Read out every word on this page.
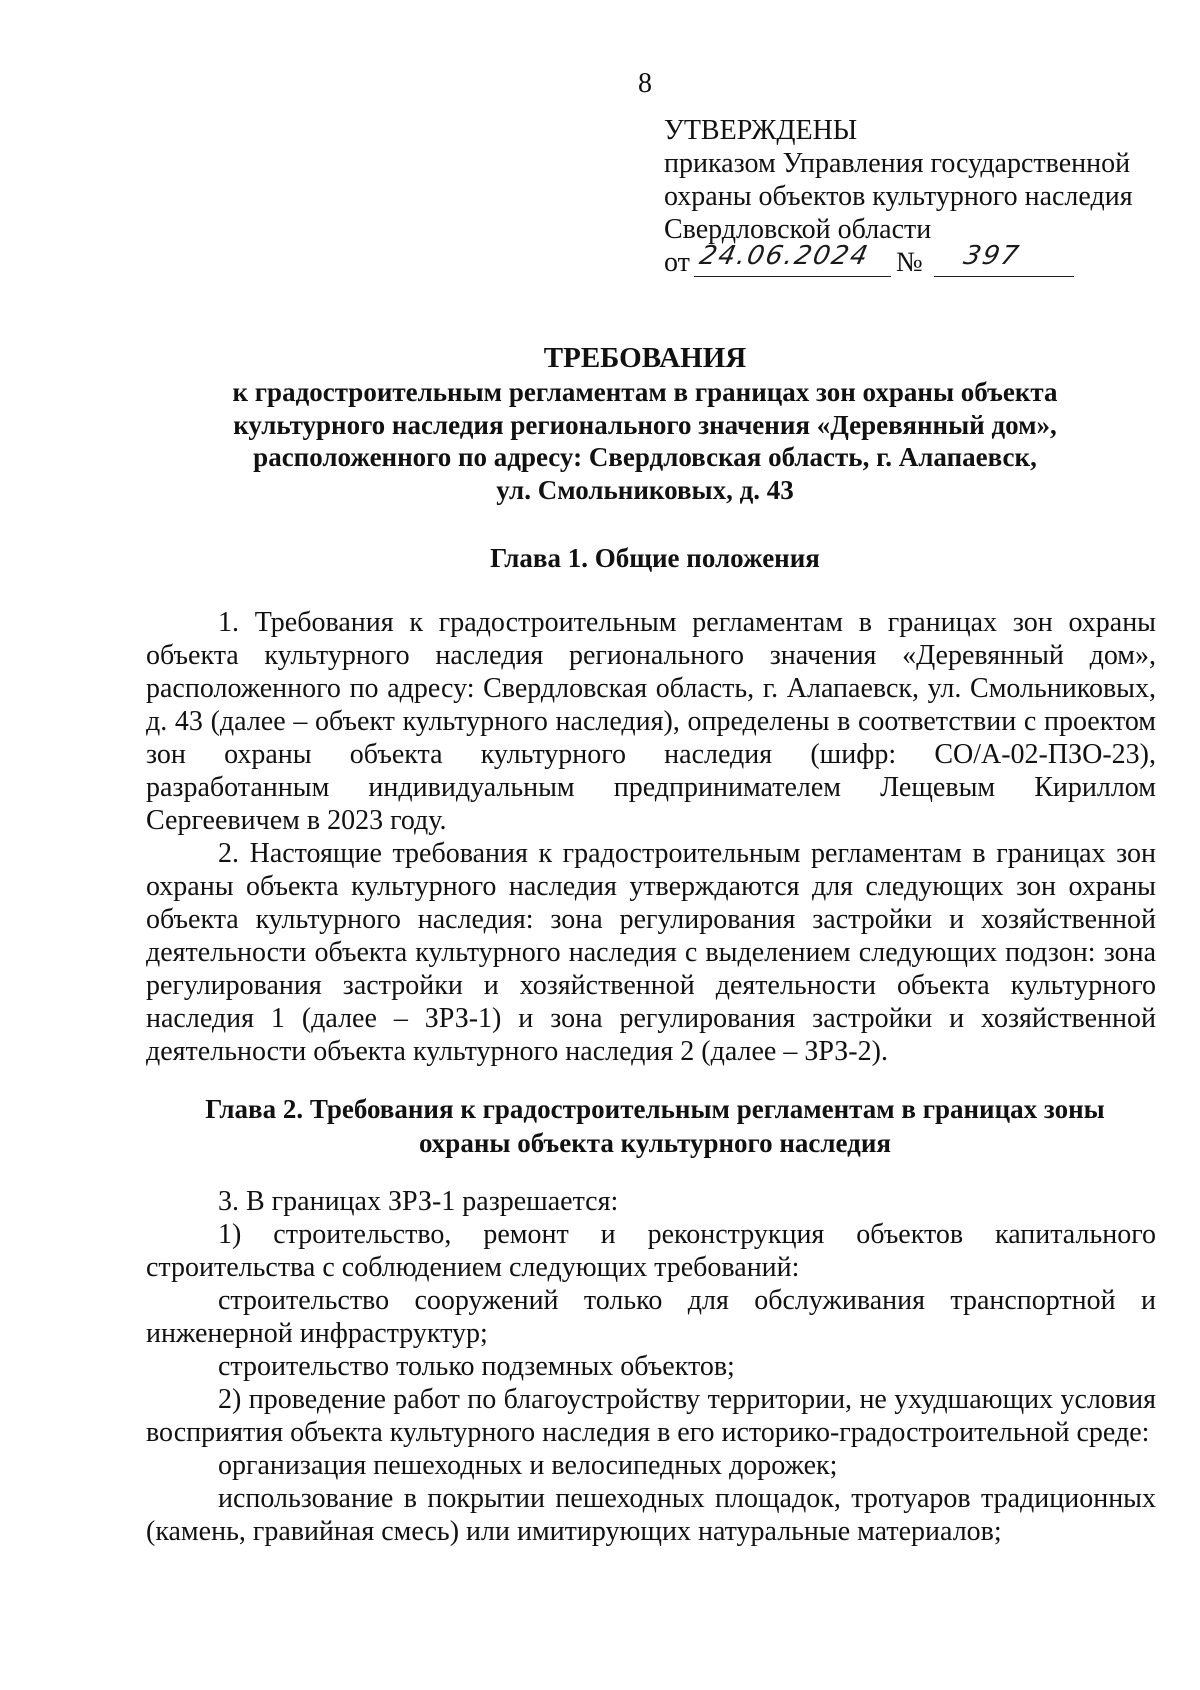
8
УТВЕРЖДЕНЫ
приказом Управления государственной
охраны объектов культурного наследия
Свердловской области
от 24.06.2024 № 397
ТРЕБОВАНИЯ
к градостроительным регламентам в границах зон охраны объекта
культурного наследия регионального значения «Деревянный дом»,
расположенного по адресу: Свердловская область, г. Алапаевск,
ул. Смольниковых, д. 43
Глава 1. Общие положения

1. Требования к градостроительным регламентам в границах зон охраны объекта культурного наследия регионального значения «Деревянный дом», расположенного по адресу: Свердловская область, г. Алапаевск, ул. Смольниковых, д. 43 (далее – объект культурного наследия), определены в соответствии с проектом зон охраны объекта культурного наследия (шифр: СО/А-02-ПЗО-23), разработанным индивидуальным предпринимателем Лещевым Кириллом Сергеевичем в 2023 году.

2. Настоящие требования к градостроительным регламентам в границах зон охраны объекта культурного наследия утверждаются для следующих зон охраны объекта культурного наследия: зона регулирования застройки и хозяйственной деятельности объекта культурного наследия с выделением следующих подзон: зона регулирования застройки и хозяйственной деятельности объекта культурного наследия 1 (далее – ЗРЗ-1) и зона регулирования застройки и хозяйственной деятельности объекта культурного наследия 2 (далее – ЗРЗ-2).

Глава 2. Требования к градостроительным регламентам в границах зоны
охраны объекта культурного наследия

3. В границах ЗРЗ-1 разрешается:

1) строительство, ремонт и реконструкция объектов капитального строительства с соблюдением следующих требований:

строительство сооружений только для обслуживания транспортной и инженерной инфраструктур;

строительство только подземных объектов;

2) проведение работ по благоустройству территории, не ухудшающих условия восприятия объекта культурного наследия в его историко-градостроительной среде:

организация пешеходных и велосипедных дорожек;

использование в покрытии пешеходных площадок, тротуаров традиционных (камень, гравийная смесь) или имитирующих натуральные материалов;
